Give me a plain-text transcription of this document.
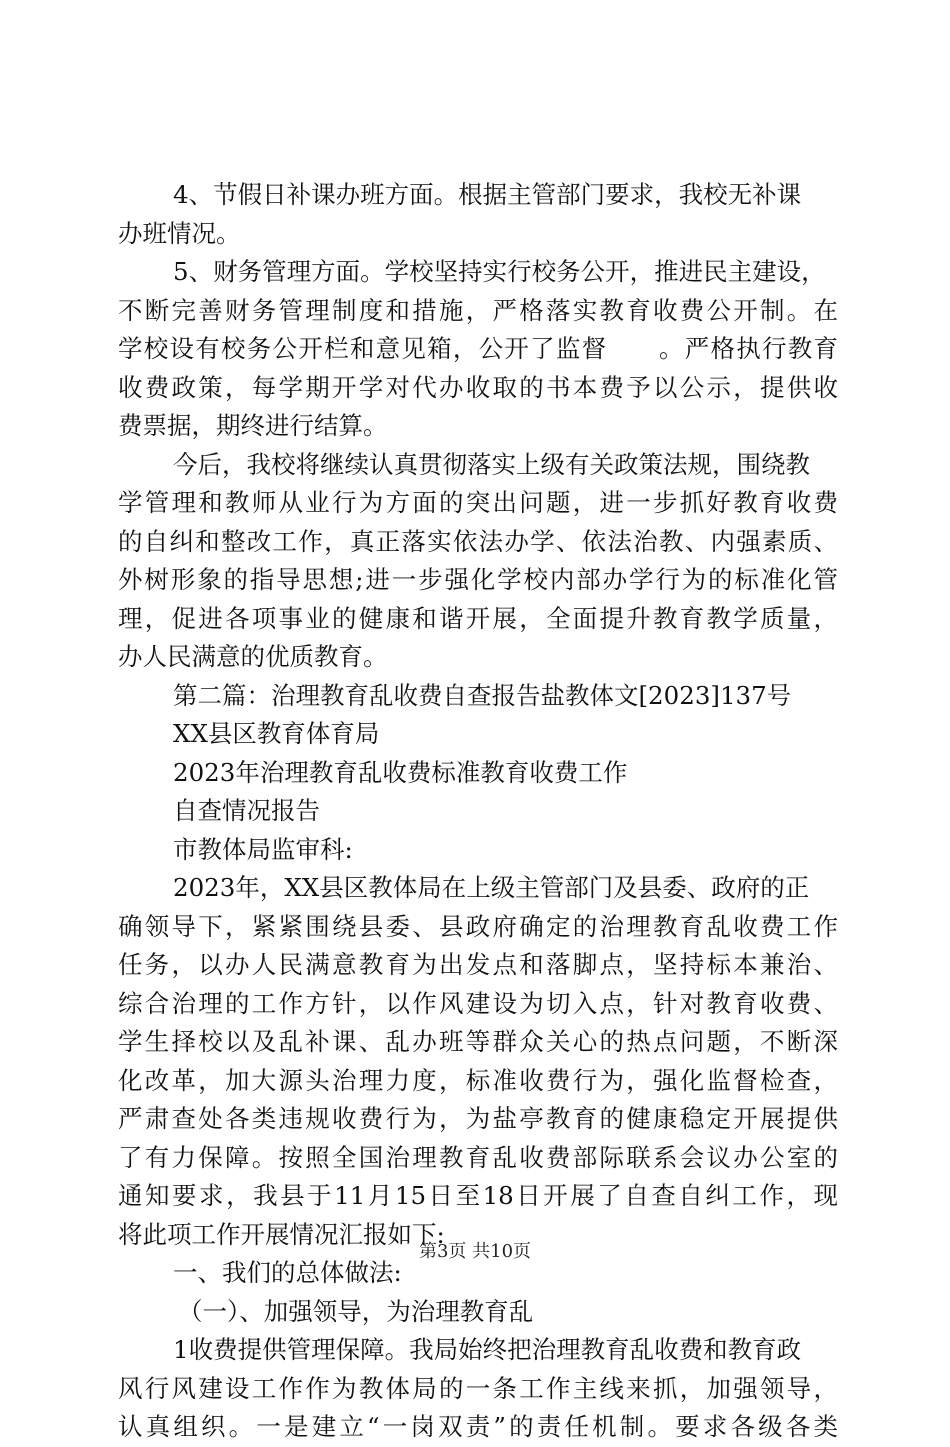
4、节假日补课办班方面。根据主管部门要求，我校无补课
办班情况。
5、财务管理方面。学校坚持实行校务公开，推进民主建设，
不断完善财务管理制度和措施，严格落实教育收费公开制。在
学校设有校务公开栏和意见箱，公开了监督　　。严格执行教育
收费政策，每学期开学对代办收取的书本费予以公示，提供收
费票据，期终进行结算。
今后，我校将继续认真贯彻落实上级有关政策法规，围绕教
学管理和教师从业行为方面的突出问题，进一步抓好教育收费
的自纠和整改工作，真正落实依法办学、依法治教、内强素质、
外树形象的指导思想;进一步强化学校内部办学行为的标准化管
理，促进各项事业的健康和谐开展，全面提升教育教学质量，
办人民满意的优质教育。
第二篇：治理教育乱收费自查报告盐教体文[2023]137号
XX县区教育体育局
2023年治理教育乱收费标准教育收费工作
自查情况报告
市教体局监审科:
2023年，XX县区教体局在上级主管部门及县委、政府的正
确领导下，紧紧围绕县委、县政府确定的治理教育乱收费工作
任务，以办人民满意教育为出发点和落脚点，坚持标本兼治、
综合治理的工作方针，以作风建设为切入点，针对教育收费、
学生择校以及乱补课、乱办班等群众关心的热点问题，不断深
化改革，加大源头治理力度，标准收费行为，强化监督检查，
严肃查处各类违规收费行为，为盐亭教育的健康稳定开展提供
了有力保障。按照全国治理教育乱收费部际联系会议办公室的
通知要求，我县于11月15日至18日开展了自查自纠工作，现
将此项工作开展情况汇报如下:
一、我们的总体做法:
（一）、加强领导，为治理教育乱
1收费提供管理保障。我局始终把治理教育乱收费和教育政
风行风建设工作作为教体局的一条工作主线来抓，加强领导，
认真组织。一是建立“一岗双责”的责任机制。要求各级各类
第3页 共10页
